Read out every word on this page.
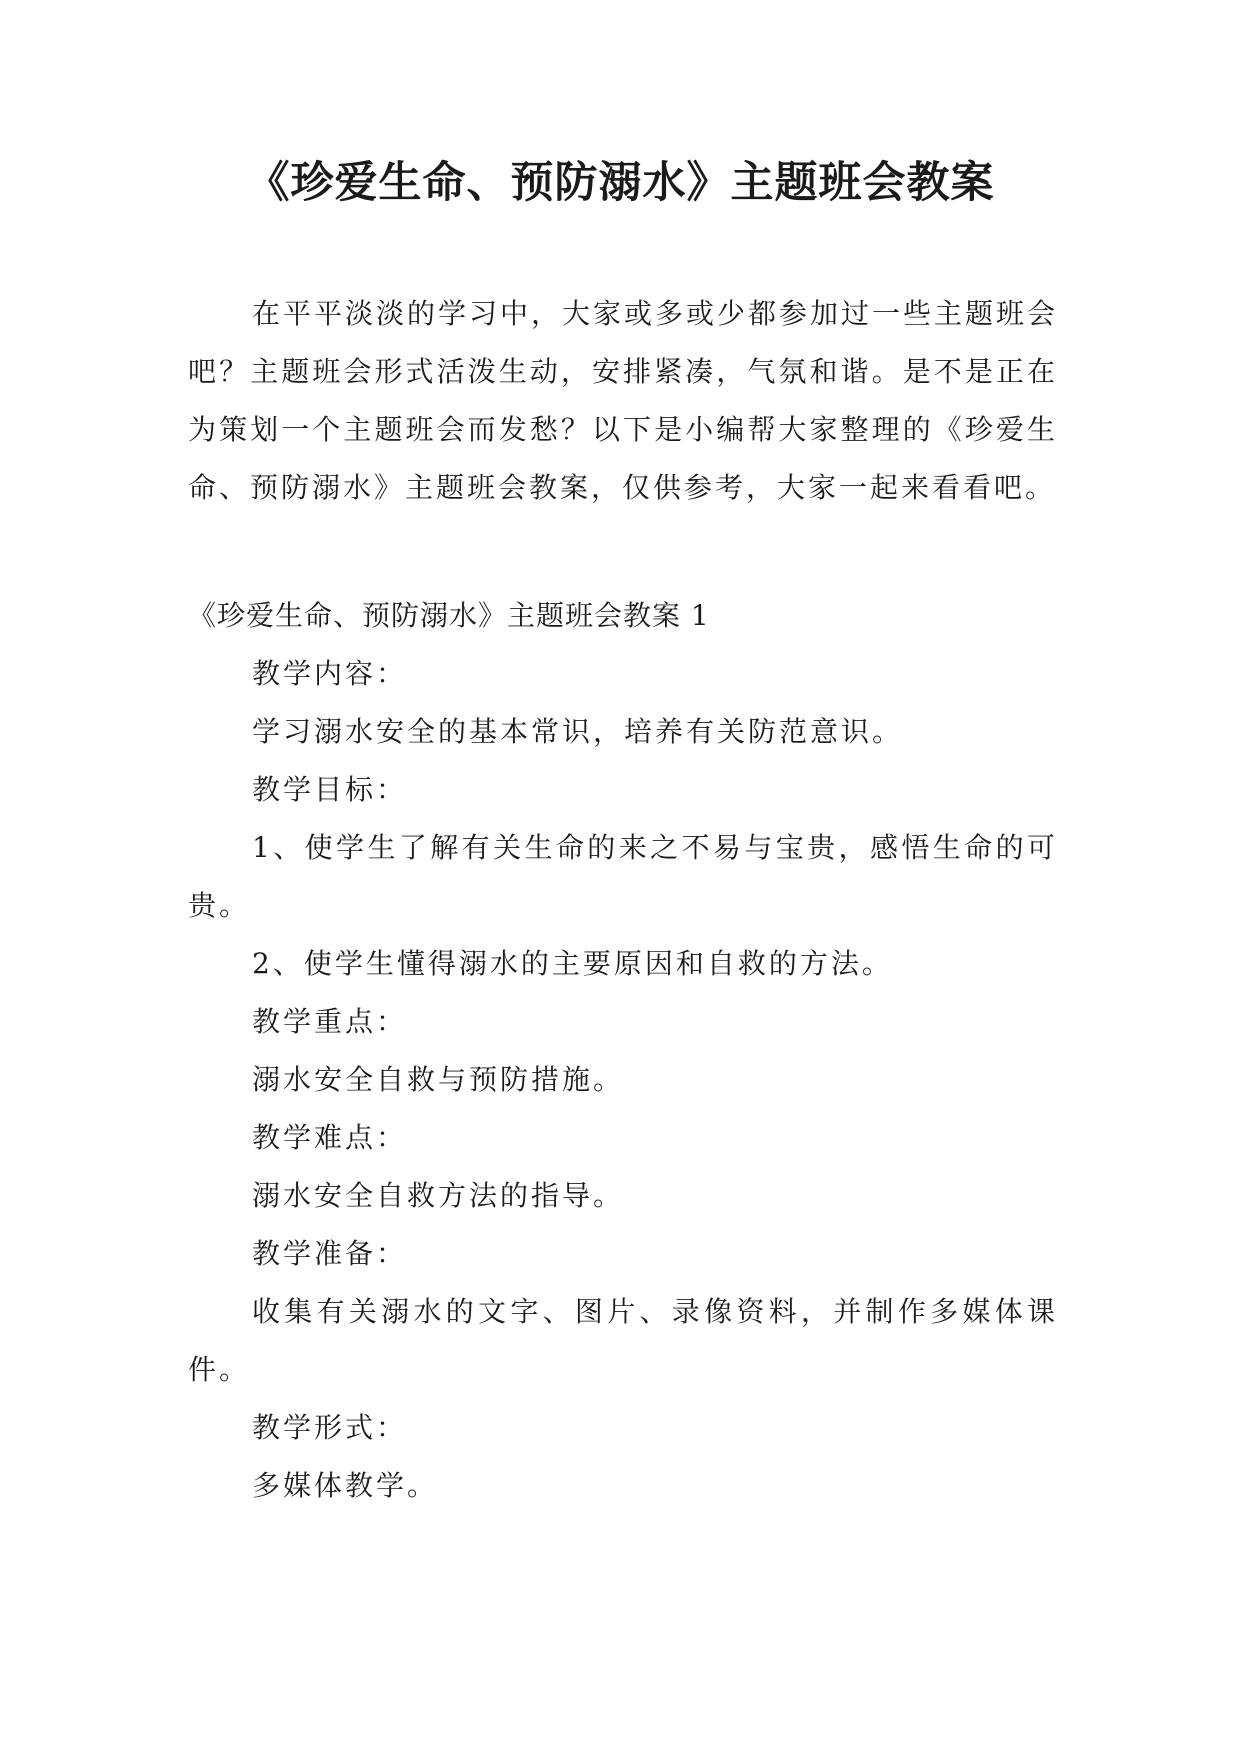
《珍爱生命、预防溺水》主题班会教案

在平平淡淡的学习中，大家或多或少都参加过一些主题班会吧？主题班会形式活泼生动，安排紧凑，气氛和谐。是不是正在为策划一个主题班会而发愁？以下是小编帮大家整理的《珍爱生命、预防溺水》主题班会教案，仅供参考，大家一起来看看吧。

《珍爱生命、预防溺水》主题班会教案 1

教学内容：

学习溺水安全的基本常识，培养有关防范意识。

教学目标：

1、使学生了解有关生命的来之不易与宝贵，感悟生命的可贵。

2、使学生懂得溺水的主要原因和自救的方法。

教学重点：

溺水安全自救与预防措施。

教学难点：

溺水安全自救方法的指导。

教学准备：

收集有关溺水的文字、图片、录像资料，并制作多媒体课件。

教学形式：

多媒体教学。
